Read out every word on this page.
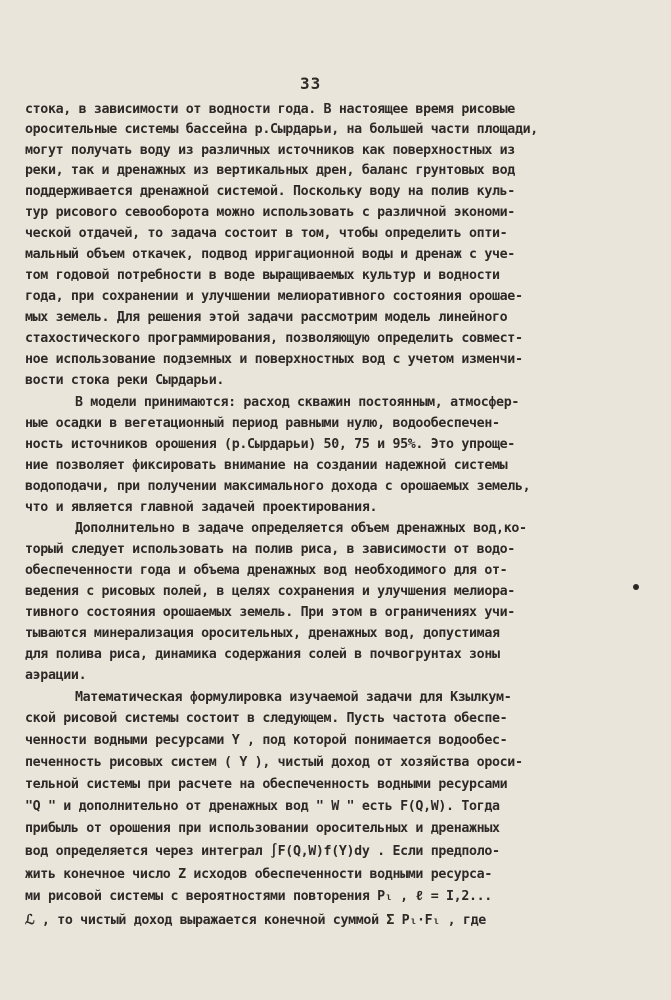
33
стока, в зависимости от водности года. В настоящее время рисовые
оросительные системы бассейна р.Сырдарьи, на большей части площади,
могут получать воду из различных источников как поверхностных из
реки, так и дренажных из вертикальных дрен, баланс грунтовых вод
поддерживается дренажной системой. Поскольку воду на полив куль-
тур рисового севооборота можно использовать с различной экономи-
ческой отдачей, то задача состоит в том, чтобы определить опти-
мальный объем откачек, подвод ирригационной воды и дренаж с уче-
том годовой потребности в воде выращиваемых культур и водности
года, при сохранении и улучшении мелиоративного состояния орошае-
мых земель. Для решения этой задачи рассмотрим модель линейного
стахостического программирования, позволяющую определить совмест-
ное использование подземных и поверхностных вод с учетом изменчи-
вости стока реки Сырдарьи.
В модели принимаются: расход скважин постоянным, атмосфер-
ные осадки в вегетационный период равными нулю, водообеспечен-
ность источников орошения (р.Сырдарьи) 50, 75 и 95%. Это упроще-
ние позволяет фиксировать внимание на создании надежной системы
водоподачи, при получении максимального дохода с орошаемых земель,
что и является главной задачей проектирования.
Дополнительно в задаче определяется объем дренажных вод,ко-
торый следует использовать на полив риса, в зависимости от водо-
обеспеченности года и объема дренажных вод необходимого для от-
ведения с рисовых полей, в целях сохранения и улучшения мелиора-
тивного состояния орошаемых земель. При этом в ограничениях учи-
тываются минерализация оросительных, дренажных вод, допустимая
для полива риса, динамика содержания солей в почвогрунтах зоны
аэрации.
Математическая формулировка изучаемой задачи для Кзылкум-
ской рисовой системы состоит в следующем. Пусть частота обеспе-
ченности водными ресурсами Y , под которой понимается водообес-
печенность рисовых систем ( Y ), чистый доход от хозяйства ороси-
тельной системы при расчете на обеспеченность водными ресурсами
"Q " и дополнительно от дренажных вод " W " есть F(Q,W). Тогда
прибыль от орошения при использовании оросительных и дренажных
вод определяется через интеграл ∫F(Q,W)f(Y)dy . Если предполо-
жить конечное число Z исходов обеспеченности водными ресурса-
ми рисовой системы с вероятностями повторения Pₗ , ℓ = I,2...
ℒ , то чистый доход выражается конечной суммой Σ Pₗ·Fₗ , где
